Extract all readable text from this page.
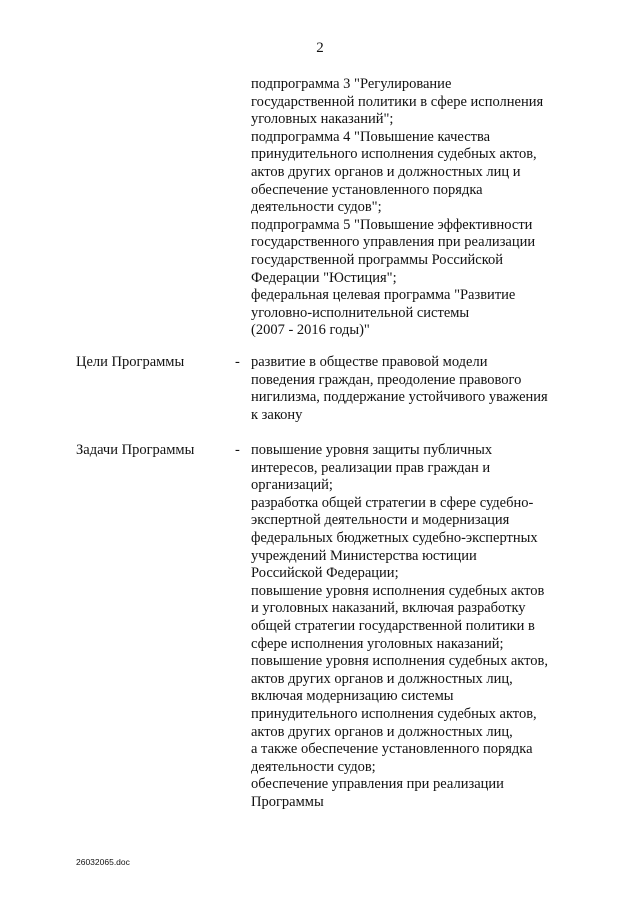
2
подпрограмма 3 "Регулирование
государственной политики в сфере исполнения
уголовных наказаний";
подпрограмма 4 "Повышение качества
принудительного исполнения судебных актов,
актов других органов и должностных лиц и
обеспечение установленного порядка
деятельности судов";
подпрограмма 5 "Повышение эффективности
государственного управления при реализации
государственной программы Российской
Федерации "Юстиция";
федеральная целевая программа "Развитие
уголовно-исполнительной системы
(2007 - 2016 годы)"
Цели Программы	- развитие в обществе правовой модели
поведения граждан, преодоление правового
нигилизма, поддержание устойчивого уважения
к закону
Задачи Программы	- повышение уровня защиты публичных
интересов, реализации прав граждан и
организаций;
разработка общей стратегии в сфере судебно-
экспертной деятельности и модернизация
федеральных бюджетных судебно-экспертных
учреждений Министерства юстиции
Российской Федерации;
повышение уровня исполнения судебных актов
и уголовных наказаний, включая разработку
общей стратегии государственной политики в
сфере исполнения уголовных наказаний;
повышение уровня исполнения судебных актов,
актов других органов и должностных лиц,
включая модернизацию системы
принудительного исполнения судебных актов,
актов других органов и должностных лиц,
а также обеспечение установленного порядка
деятельности судов;
обеспечение управления при реализации
Программы
26032065.doc
